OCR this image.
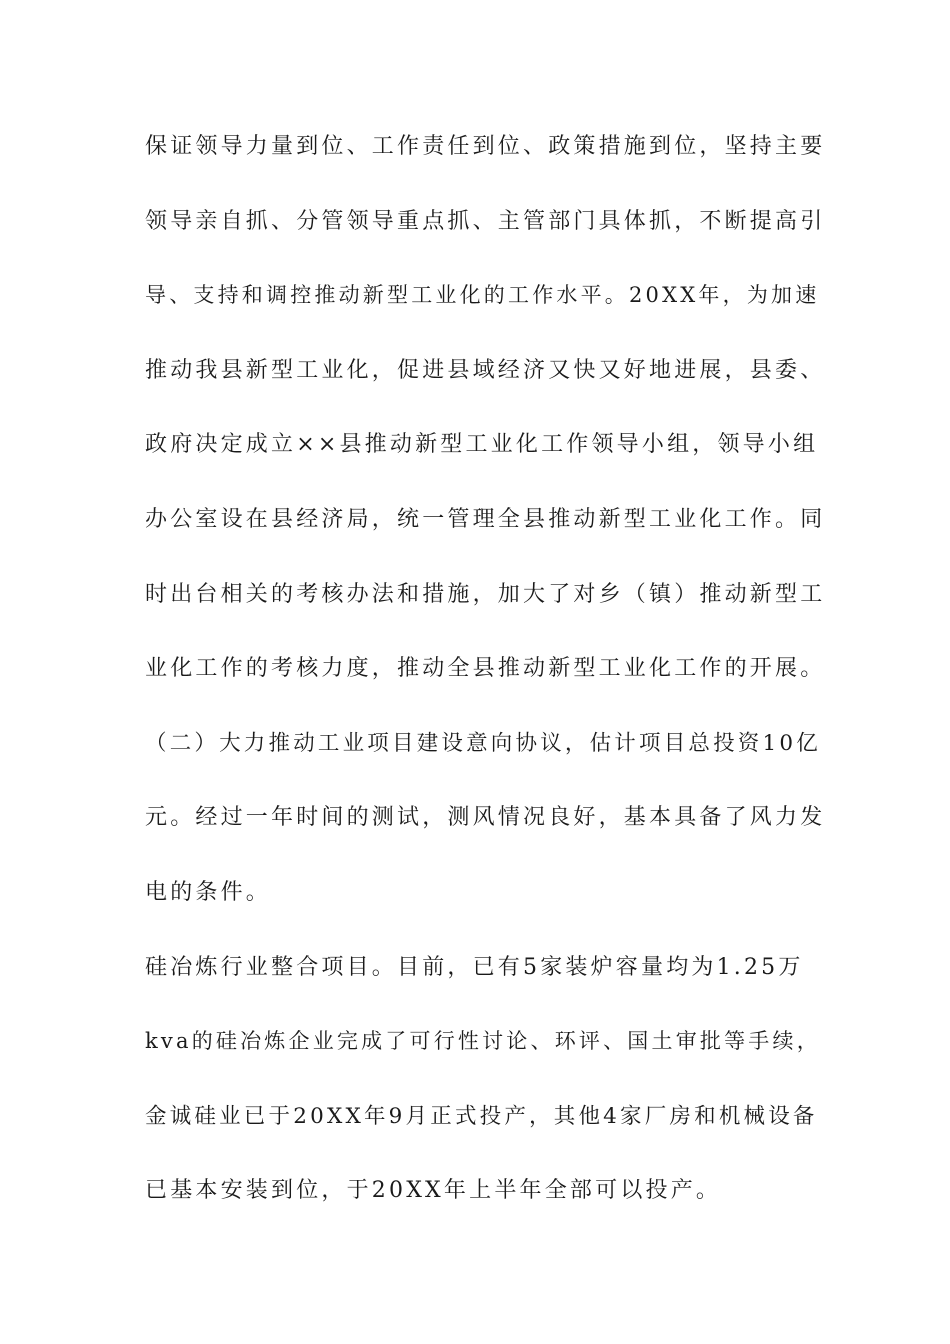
保证领导力量到位、工作责任到位、政策措施到位，坚持主要

领导亲自抓、分管领导重点抓、主管部门具体抓，不断提高引

导、支持和调控推动新型工业化的工作水平。20XX年，为加速

推动我县新型工业化，促进县域经济又快又好地进展，县委、

政府决定成立××县推动新型工业化工作领导小组，领导小组

办公室设在县经济局，统一管理全县推动新型工业化工作。同

时出台相关的考核办法和措施，加大了对乡（镇）推动新型工

业化工作的考核力度，推动全县推动新型工业化工作的开展。

（二）大力推动工业项目建设意向协议，估计项目总投资10亿

元。经过一年时间的测试，测风情况良好，基本具备了风力发

电的条件。

硅冶炼行业整合项目。目前，已有5家装炉容量均为1.25万

kva的硅冶炼企业完成了可行性讨论、环评、国土审批等手续，

金诚硅业已于20XX年9月正式投产，其他4家厂房和机械设备

已基本安装到位，于20XX年上半年全部可以投产。
